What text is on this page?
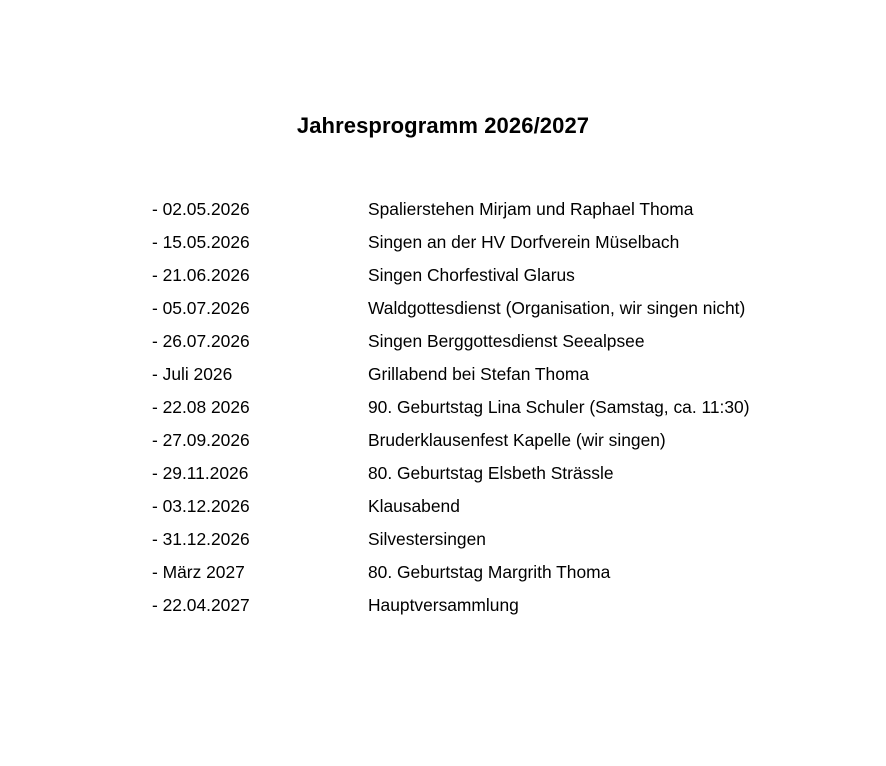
Jahresprogramm 2026/2027
- 02.05.2026	Spalierstehen Mirjam und Raphael Thoma
- 15.05.2026	Singen an der HV Dorfverein Müselbach
- 21.06.2026	Singen Chorfestival Glarus
- 05.07.2026	Waldgottesdienst (Organisation, wir singen nicht)
- 26.07.2026	Singen Berggottesdienst Seealpsee
- Juli 2026	Grillabend bei Stefan Thoma
- 22.08 2026	90. Geburtstag Lina Schuler (Samstag, ca. 11:30)
- 27.09.2026	Bruderklausenfest Kapelle (wir singen)
- 29.11.2026	80. Geburtstag Elsbeth Strässle
- 03.12.2026	Klausabend
- 31.12.2026	Silvestersingen
- März 2027	80. Geburtstag Margrith Thoma
- 22.04.2027	Hauptversammlung
